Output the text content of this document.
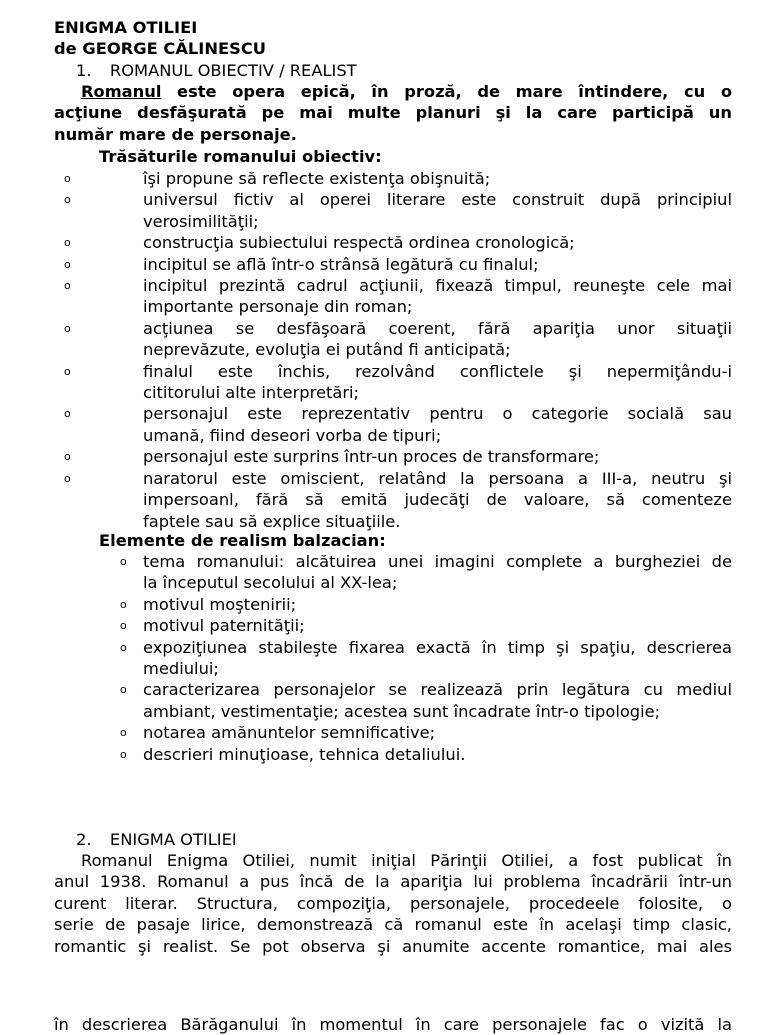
ENIGMA OTILIEI
de GEORGE CĂLINESCU
1. ROMANUL OBIECTIV / REALIST
Romanul este opera epică, în proză, de mare întindere, cu o
acţiune desfăşurată pe mai multe planuri şi la care participă un
număr mare de personaje.
Trăsăturile romanului obiectiv:
o	îşi propune să reflecte existenţa obişnuită;
o	universul fictiv al operei literare este construit după principiul
verosimilităţii;
o	construcţia subiectului respectă ordinea cronologică;
o	incipitul se află într-o strânsă legătură cu finalul;
o	incipitul prezintă cadrul acţiunii, fixează timpul, reuneşte cele mai
importante personaje din roman;
o	acţiunea se desfăşoară coerent, fără apariţia unor situaţii
neprevăzute, evoluţia ei putând fi anticipată;
o	finalul este închis, rezolvând conflictele şi nepermiţându-i
cititorului alte interpretări;
o	personajul este reprezentativ pentru o categorie socială sau
umană, fiind deseori vorba de tipuri;
o	personajul este surprins într-un proces de transformare;
o	naratorul este omiscient, relatând la persoana a III-a, neutru şi
impersoanl, fără să emită judecăţi de valoare, să comenteze
faptele sau să explice situaţiile.
Elemente de realism balzacian:
o tema romanului: alcătuirea unei imagini complete a burgheziei de
la începutul secolului al XX-lea;
o motivul moştenirii;
o motivul paternităţii;
o expoziţiunea stabileşte fixarea exactă în timp şi spaţiu, descrierea
mediului;
o caracterizarea personajelor se realizează prin legătura cu mediul
ambiant, vestimentaţie; acestea sunt încadrate într-o tipologie;
o notarea amănuntelor semnificative;
o descrieri minuţioase, tehnica detaliului.
2. ENIGMA OTILIEI
Romanul Enigma Otiliei, numit iniţial Părinţii Otiliei, a fost publicat în
anul 1938. Romanul a pus încă de la apariţia lui problema încadrării într-un
curent literar. Structura, compoziţia, personajele, procedeele folosite, o
serie de pasaje lirice, demonstrează că romanul este în acelaşi timp clasic,
romantic şi realist. Se pot observa şi anumite accente romantice, mai ales
în descrierea Bărăganului în momentul în care personajele fac o vizită la
